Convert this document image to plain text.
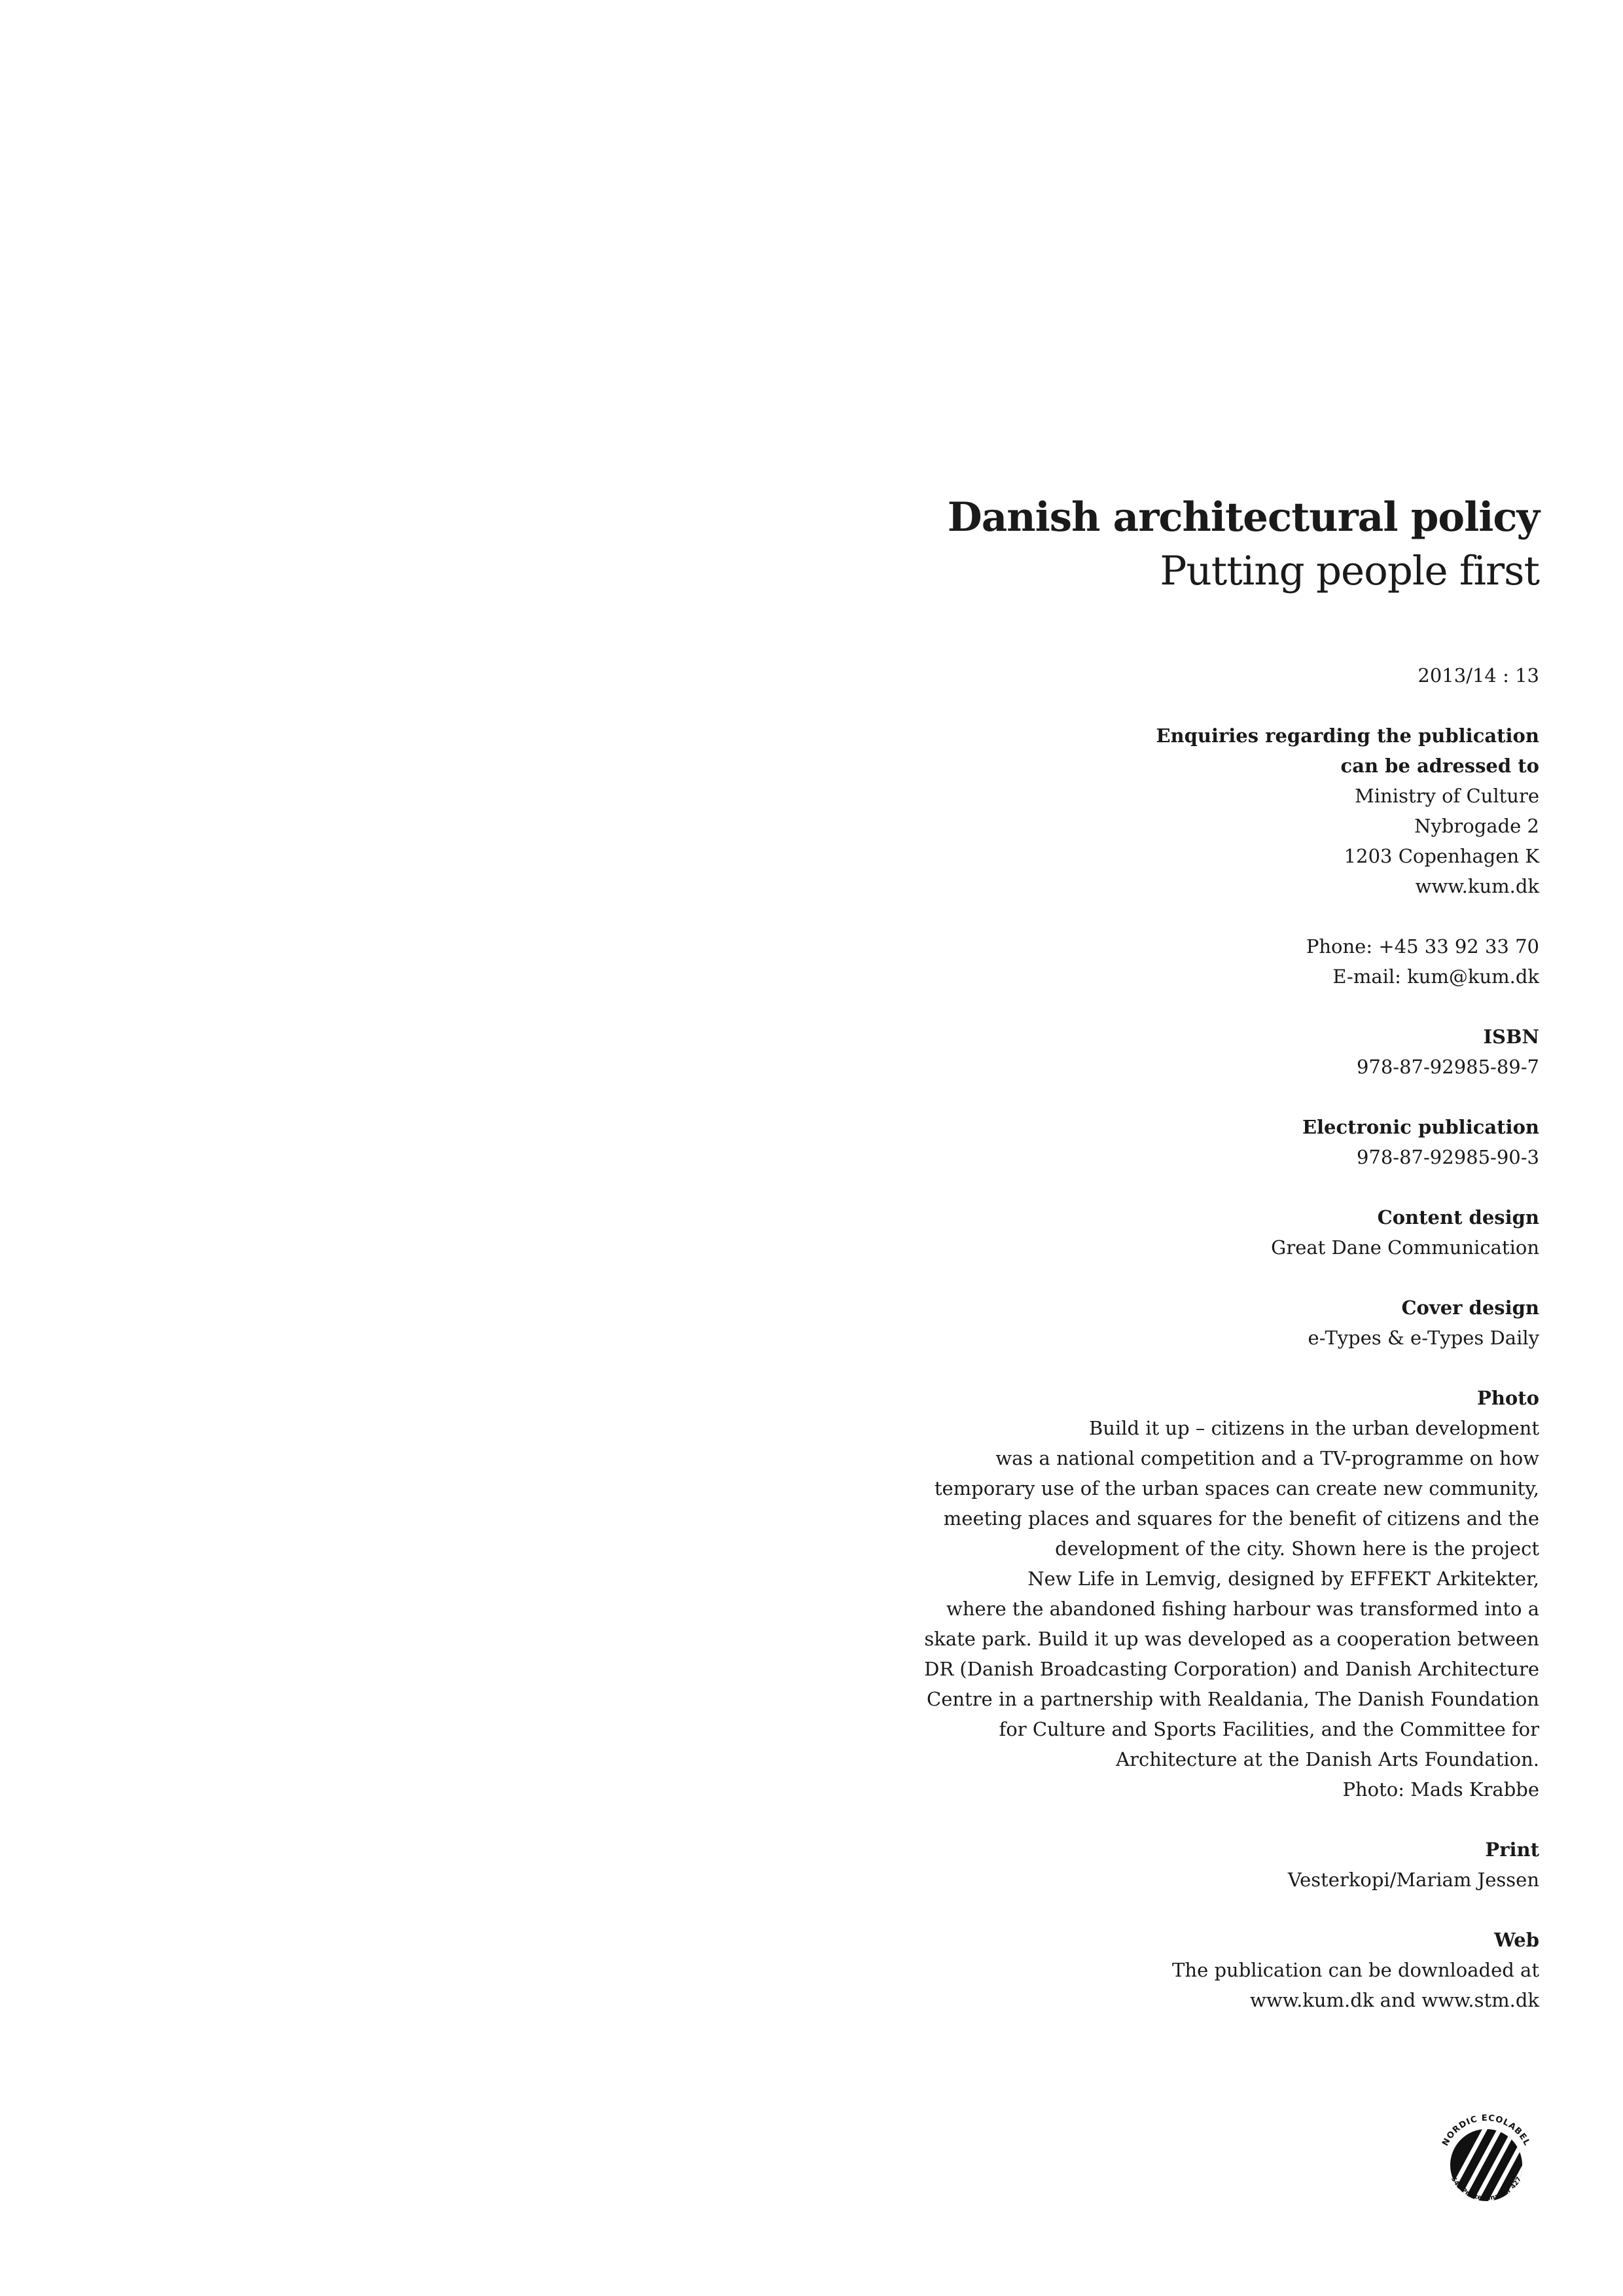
Danish architectural policy
Putting people first
2013/14 : 13
Enquiries regarding the publication
can be adressed to
Ministry of Culture
Nybrogade 2
1203 Copenhagen K
www.kum.dk
Phone: +45 33 92 33 70
E-mail: kum@kum.dk
ISBN
978-87-92985-89-7
Electronic publication
978-87-92985-90-3
Content design
Great Dane Communication
Cover design
e-Types & e-Types Daily
Photo
Build it up – citizens in the urban development
was a national competition and a TV-programme on how
temporary use of the urban spaces can create new community,
meeting places and squares for the benefit of citizens and the
development of the city. Shown here is the project
New Life in Lemvig, designed by EFFEKT Arkitekter,
where the abandoned fishing harbour was transformed into a
skate park. Build it up was developed as a cooperation between
DR (Danish Broadcasting Corporation) and Danish Architecture
Centre in a partnership with Realdania, The Danish Foundation
for Culture and Sports Facilities, and the Committee for
Architecture at the Danish Arts Foundation.
Photo: Mads Krabbe
Print
Vesterkopi/Mariam Jessen
Web
The publication can be downloaded at
www.kum.dk and www.stm.dk
NORDIC ECOLABEL
541 Printed matter 427
